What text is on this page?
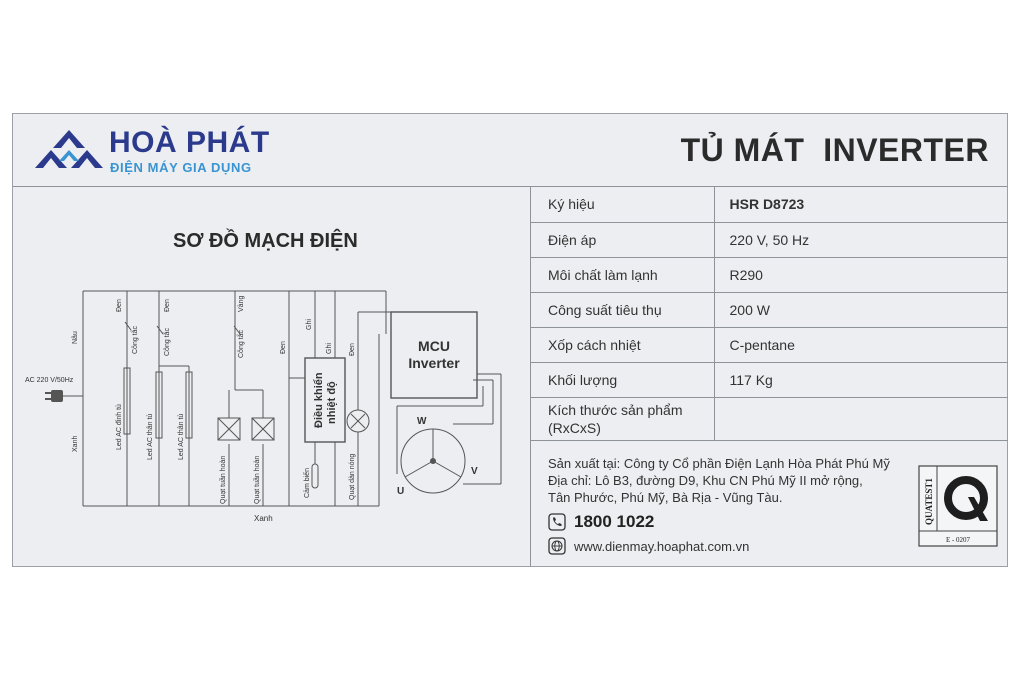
HOÀ PHÁT
ĐIỆN MÁY GIA DỤNG	TỦ MÁT  INVERTER
SƠ ĐỒ MẠCH ĐIỆN
AC 220 V/50Hz
Nâu
Xanh
Xanh
Đen	Đen	Vàng
Đen
Ghi
Ghi Đen
Công tắc	Công tắc	Công tắc
Led AC đỉnh tủ	Led AC thân tủ	Led AC thân tủ
Quạt tuần hoàn	Quạt tuần hoàn	Cảm biến	Quạt dàn nóng
Điều khiển nhiệt độ
MCU
Inverter
W
U
V
Ký hiệu	HSR D8723
Điện áp	220 V, 50 Hz
Môi chất làm lạnh	R290
Công suất tiêu thụ	200 W
Xốp cách nhiệt	C-pentane
Khối lượng	117 Kg
Kích thước sản phẩm
(RxCxS)	
Sản xuất tại: Công ty Cổ phần Điện Lạnh Hòa Phát Phú Mỹ
Địa chỉ: Lô B3, đường D9, Khu CN Phú Mỹ II mở rộng,
Tân Phước, Phú Mỹ, Bà Rịa - Vũng Tàu.
1800 1022
www.dienmay.hoaphat.com.vn
QUATEST1
E - 0207
